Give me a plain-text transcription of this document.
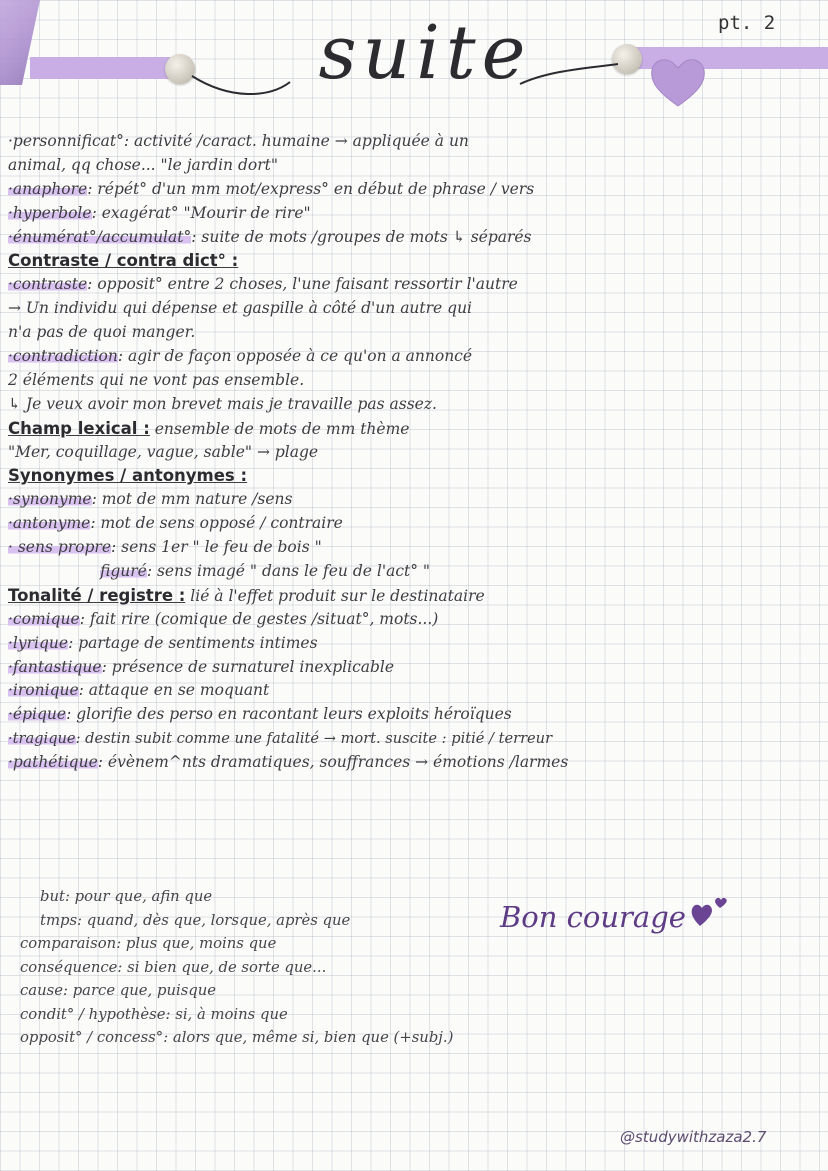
suite	pt. 2
·personnificat°: activité /caract. humaine → appliquée à un
animal, qq chose... "le jardin dort"
·anaphore: répét° d'un mm mot/express° en début de phrase / vers
·hyperbole: exagérat° "Mourir de rire"
·énumérat°/accumulat°: suite de mots /groupes de mots ↳ séparés
Contraste / contra dict° :
·contraste: opposit° entre 2 choses, l'une faisant ressortir l'autre
→ Un individu qui dépense et gaspille à côté d'un autre qui
n'a pas de quoi manger.
·contradiction: agir de façon opposée à ce qu'on a annoncé
2 éléments qui ne vont pas ensemble.
↳ Je veux avoir mon brevet mais je travaille pas assez.
Champ lexical : ensemble de mots de mm thème
"Mer, coquillage, vague, sable" → plage
Synonymes / antonymes :
·synonyme: mot de mm nature /sens
·antonyme: mot de sens opposé / contraire
· sens propre: sens 1er " le feu de bois "
figuré: sens imagé " dans le feu de l'act° "
Tonalité / registre : lié à l'effet produit sur le destinataire
·comique: fait rire (comique de gestes /situat°, mots...)
·lyrique: partage de sentiments intimes
·fantastique: présence de surnaturel inexplicable
·ironique: attaque en se moquant
·épique: glorifie des perso en racontant leurs exploits héroïques
·tragique: destin subit comme une fatalité → mort. suscite : pitié / terreur
·pathétique: évènem^nts dramatiques, souffrances → émotions /larmes
but: pour que, afin que
tmps: quand, dès que, lorsque, après que
comparaison: plus que, moins que
conséquence: si bien que, de sorte que...
cause: parce que, puisque
condit° / hypothèse: si, à moins que
opposit° / concess°: alors que, même si, bien que (+subj.)
Bon courage
@studywithzaza2.7
